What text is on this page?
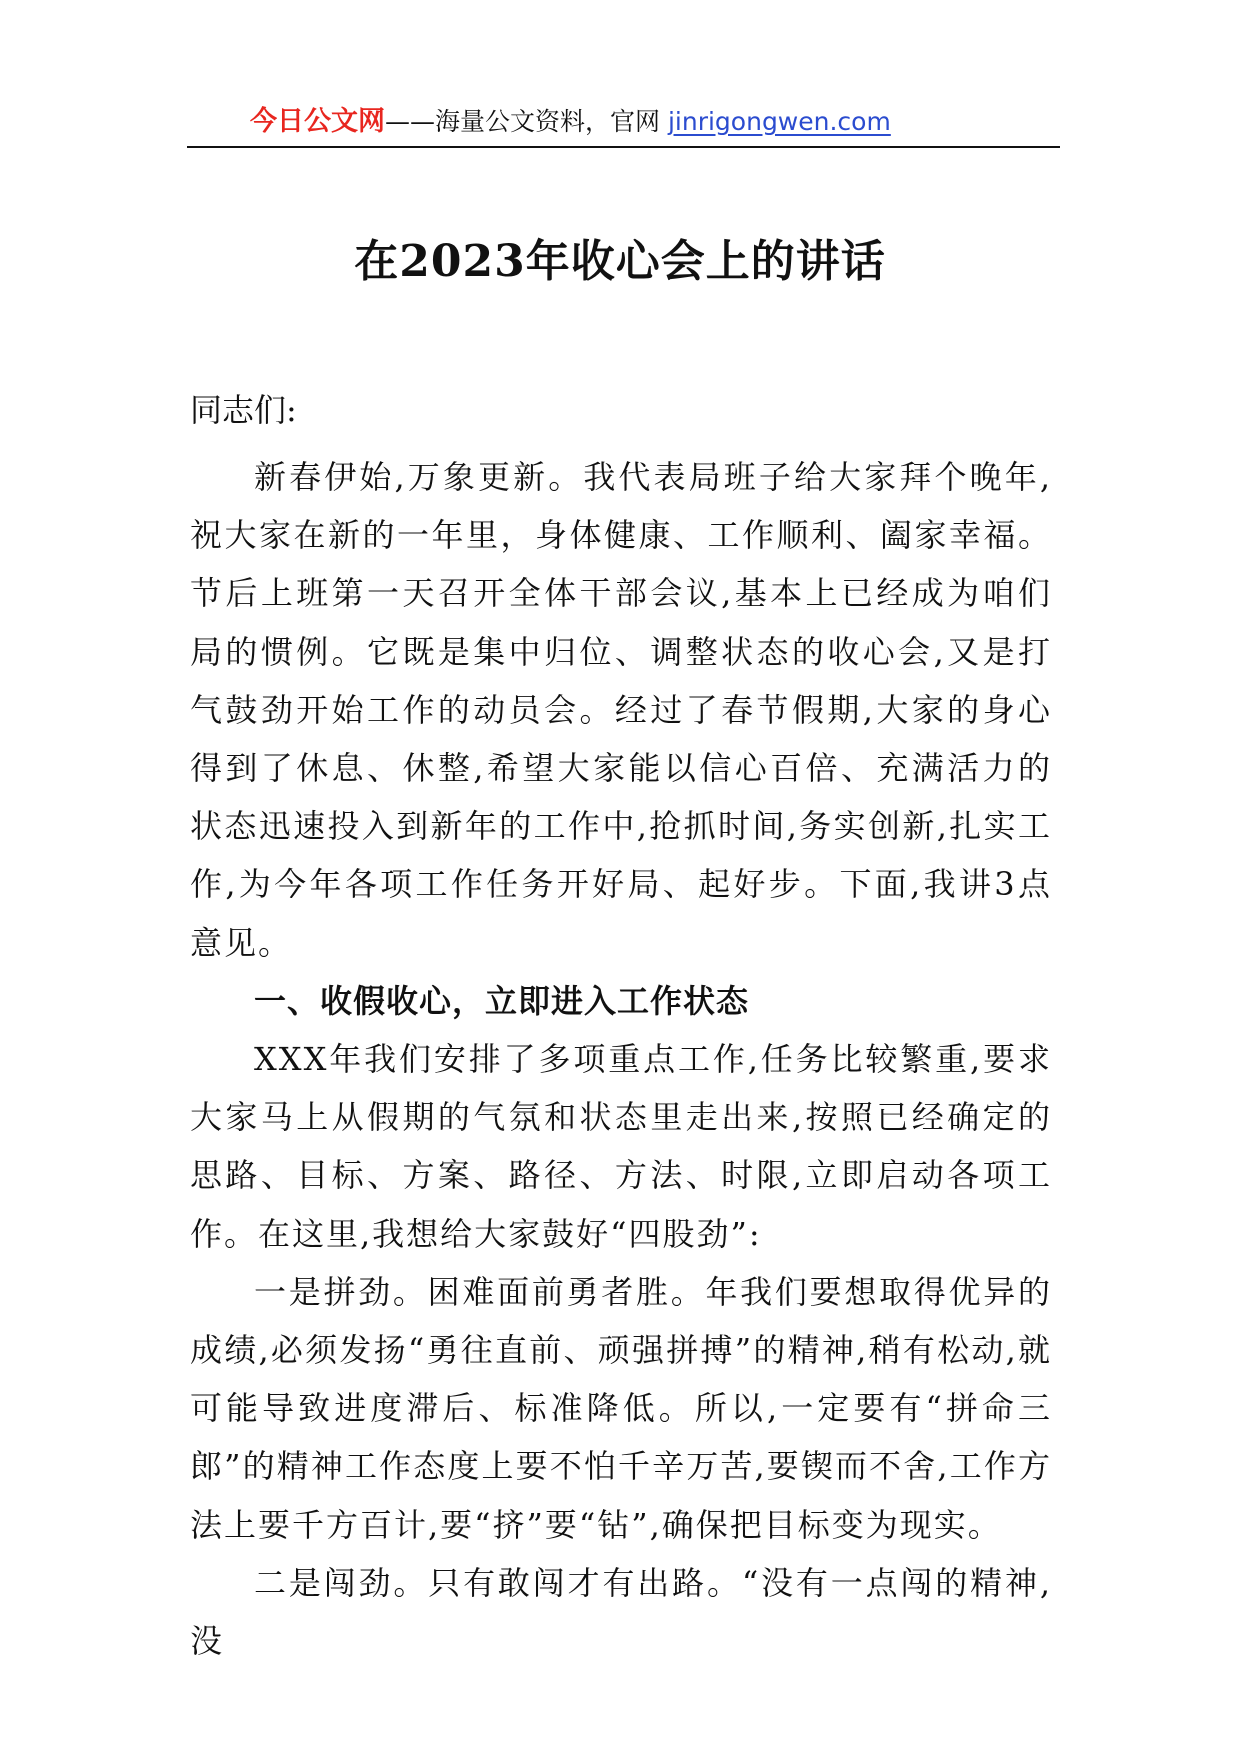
今日公文网——海量公文资料，官网 jinrigongwen.com
在2023年收心会上的讲话
同志们:

新春伊始,万象更新。我代表局班子给大家拜个晚年,祝大家在新的一年里，身体健康、工作顺利、阖家幸福。节后上班第一天召开全体干部会议,基本上已经成为咱们局的惯例。它既是集中归位、调整状态的收心会,又是打气鼓劲开始工作的动员会。经过了春节假期,大家的身心得到了休息、休整,希望大家能以信心百倍、充满活力的状态迅速投入到新年的工作中,抢抓时间,务实创新,扎实工作,为今年各项工作任务开好局、起好步。下面,我讲3点意见。

一、收假收心，立即进入工作状态

XXX年我们安排了多项重点工作,任务比较繁重,要求大家马上从假期的气氛和状态里走出来,按照已经确定的思路、目标、方案、路径、方法、时限,立即启动各项工作。在这里,我想给大家鼓好“四股劲”:

一是拼劲。困难面前勇者胜。年我们要想取得优异的成绩,必须发扬“勇往直前、顽强拼搏”的精神,稍有松动,就可能导致进度滞后、标准降低。所以,一定要有“拼命三郎”的精神工作态度上要不怕千辛万苦,要锲而不舍,工作方法上要千方百计,要“挤”要“钻”,确保把目标变为现实。

二是闯劲。只有敢闯才有出路。“没有一点闯的精神,没
